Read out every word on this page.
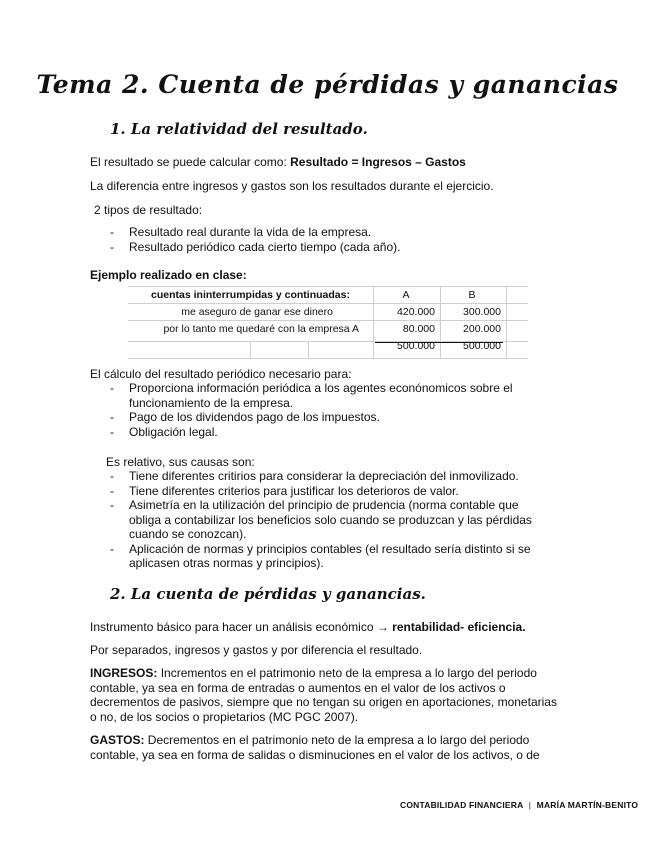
Tema 2. Cuenta de pérdidas y ganancias
1. La relatividad del resultado.
El resultado se puede calcular como: Resultado = Ingresos – Gastos
La diferencia entre ingresos y gastos son los resultados durante el ejercicio.
2 tipos de resultado:
- Resultado real durante la vida de la empresa.
- Resultado periódico cada cierto tiempo (cada año).
Ejemplo realizado en clase:
cuentas ininterrumpidas y continuadas:	A	B
me aseguro de ganar ese dinero	420.000	300.000
por lo tanto me quedaré con la empresa A	80.000	200.000
	500.000	500.000
El cálculo del resultado periódico necesario para:
- Proporciona información periódica a los agentes econónomicos sobre el funcionamiento de la empresa.
- Pago de los dividendos pago de los impuestos.
- Obligación legal.
Es relativo, sus causas son:
- Tiene diferentes critirios para considerar la depreciación del inmovilizado.
- Tiene diferentes criterios para justificar los deterioros de valor.
- Asimetría en la utilización del principio de prudencia (norma contable que obliga a contabilizar los beneficios solo cuando se produzcan y las pérdidas cuando se conozcan).
- Aplicación de normas y principios contables (el resultado sería distinto si se aplicasen otras normas y principios).
2. La cuenta de pérdidas y ganancias.
Instrumento básico para hacer un análisis económico → rentabilidad- eficiencia.
Por separados, ingresos y gastos y por diferencia el resultado.
INGRESOS: Incrementos en el patrimonio neto de la empresa a lo largo del periodo contable, ya sea en forma de entradas o aumentos en el valor de los activos o decrementos de pasivos, siempre que no tengan su origen en aportaciones, monetarias o no, de los socios o propietarios (MC PGC 2007).
GASTOS: Decrementos en el patrimonio neto de la empresa a lo largo del periodo contable, ya sea en forma de salidas o disminuciones en el valor de los activos, o de
CONTABILIDAD FINANCIERA | MARÍA MARTÍN-BENITO
